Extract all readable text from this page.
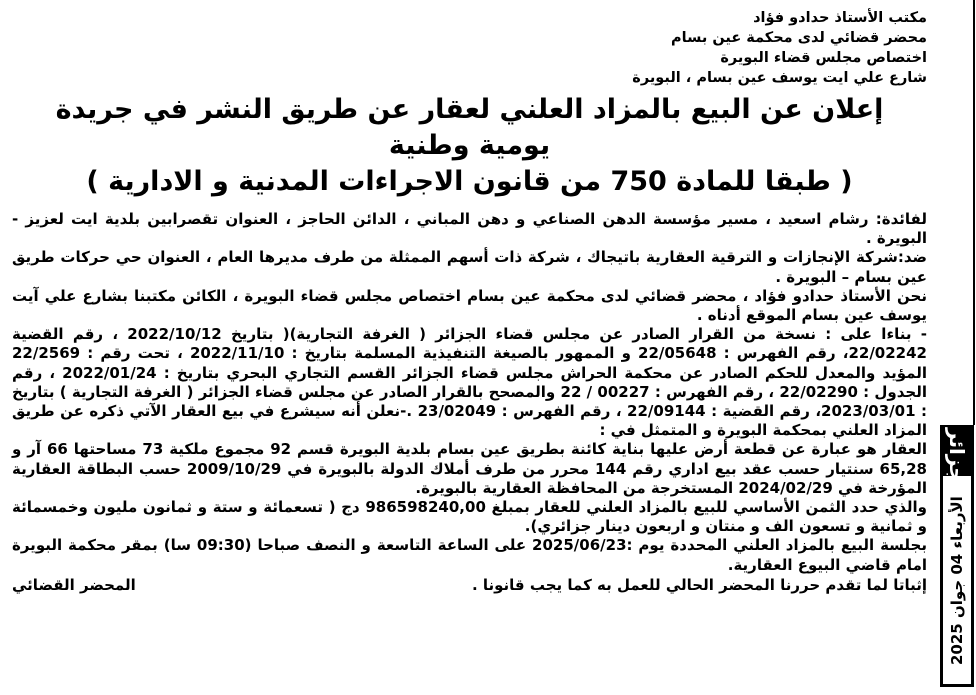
مكتب الأستاذ حدادو فؤاد
محضر قضائي لدى محكمة عين بسام
اختصاص مجلس قضاء البويرة
شارع علي ايت يوسف عين بسام ، البويرة
إعلان عن البيع بالمزاد العلني لعقار عن طريق النشر في جريدة
يومية وطنية
( طبقا للمادة 750 من قانون الاجراءات المدنية و الادارية )

لفائدة: رشام اسعيد ، مسير مؤسسة الدهن الصناعي و دهن المباني ، الدائن الحاجز ، العنوان تقصرابين بلدية ايت لعزيز - البويرة .

ضد:شركة الإنجازات و الترقية العقارية باتيجاك ، شركة ذات أسهم الممثلة من طرف مديرها العام ، العنوان حي حركات طريق عين بسام – البويرة .

نحن الأستاذ حدادو فؤاد ، محضر قضائي لدى محكمة عين بسام اختصاص مجلس قضاء البويرة ، الكائن مكتبنا بشارع علي آيت يوسف عين بسام الموقع أدناه .

- بناءا على : نسخة من القرار الصادر عن مجلس قضاء الجزائر ( الغرفة التجارية)( بتاريخ 2022/10/12 ، رقم القضية 22/02242، رقم الفهرس : 22/05648 و الممهور بالصيغة التنفيذية المسلمة بتاريخ : 2022/11/10 ، تحت رقم : 22/2569 المؤيد والمعدل للحكم الصادر عن محكمة الحراش مجلس قضاء الجزائر القسم التجاري البحري بتاريخ : 2022/01/24 ، رقم الجدول : 22/02290 ، رقم الفهرس : 00227 / 22 والمصحح بالقرار الصادر عن مجلس قضاء الجزائر ( الغرفة التجارية ) بتاريخ : 2023/03/01، رقم القضية : 22/09144 ، رقم الفهرس : 23/02049 .-نعلن أنه سيشرع في بيع العقار الآتي ذكره عن طريق المزاد العلني بمحكمة البويرة و المتمثل في :

العقار هو عبارة عن قطعة أرض عليها بناية كائنة بطريق عين بسام بلدية البويرة قسم 92 مجموع ملكية 73 مساحتها 66 آر و 65,28 سنتيار حسب عقد بيع اداري رقم 144 محرر من طرف أملاك الدولة بالبويرة في 2009/10/29 حسب البطاقة العقارية المؤرخة في 2024/02/29 المستخرجة من المحافظة العقارية بالبويرة.

والذي حدد الثمن الأساسي للبيع بالمزاد العلني للعقار بمبلغ 986598240,00 دج ( تسعمائة و ستة و ثمانون مليون وخمسمائة و ثمانية و تسعون الف و منتان و اربعون دينار جزائري).

بجلسة البيع بالمزاد العلني المحددة يوم :2025/06/23 على الساعة التاسعة و النصف صباحا (09:30 سا) بمقر محكمة البويرة امام قاضي البيوع العقارية.

إثباتا لما تقدم حررنا المحضر الحالي للعمل به كما يجب قانونا .
المحضر القضائي
الجزائر
الأربعاء 04 جوان 2025
